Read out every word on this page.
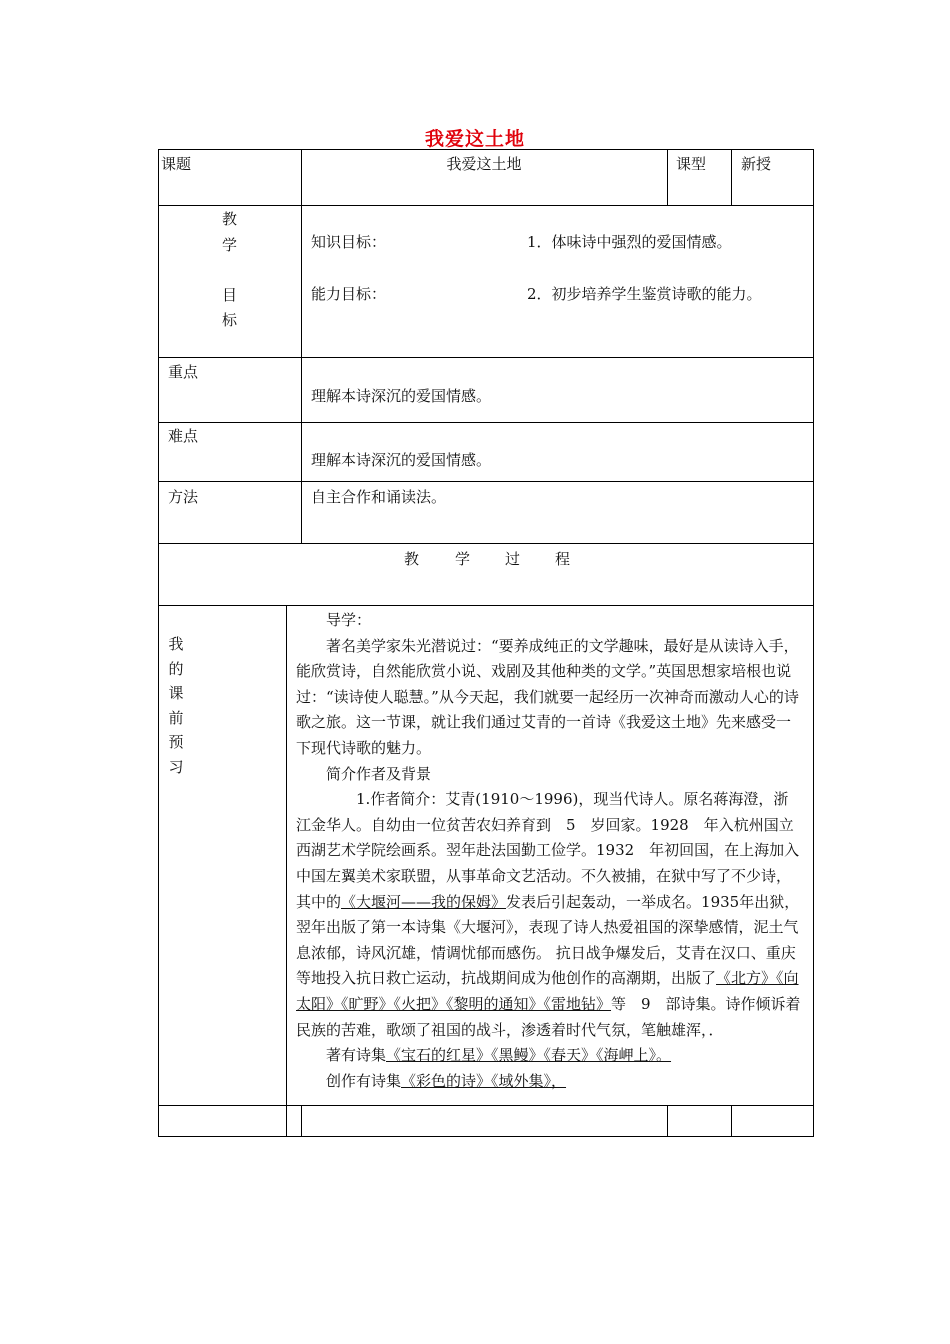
我爱这土地
课题	我爱这土地	课型 新授
教
学
目
标
知识目标：	1．体味诗中强烈的爱国情感。
能力目标：	2．初步培养学生鉴赏诗歌的能力。
重点
理解本诗深沉的爱国情感。
难点
理解本诗深沉的爱国情感。
方法	自主合作和诵读法。
教 学 过 程
我
的
课
前
预
习

导学：

著名美学家朱光潜说过：“要养成纯正的文学趣味，最好是从读诗入手，能欣赏诗，自然能欣赏小说、戏剧及其他种类的文学。”英国思想家培根也说过：“读诗使人聪慧。”从今天起，我们就要一起经历一次神奇而激动人心的诗歌之旅。这一节课，就让我们通过艾青的一首诗《我爱这土地》先来感受一下现代诗歌的魅力。

简介作者及背景

1.作者简介：艾青(1910～1996)，现当代诗人。原名蒋海澄，浙江金华人。自幼由一位贫苦农妇养育到　5　岁回家。1928　年入杭州国立西湖艺术学院绘画系。翌年赴法国勤工俭学。1932　年初回国，在上海加入中国左翼美术家联盟，从事革命文艺活动。不久被捕，在狱中写了不少诗，其中的《大堰河——我的保姆》发表后引起轰动，一举成名。1935年出狱，翌年出版了第一本诗集《大堰河》，表现了诗人热爱祖国的深挚感情，泥土气息浓郁，诗风沉雄，情调忧郁而感伤。 抗日战争爆发后，艾青在汉口、重庆等地投入抗日救亡运动，抗战期间成为他创作的高潮期，出版了《北方》《向太阳》《旷野》《火把》《黎明的通知》《雷地钻》等　9　部诗集。诗作倾诉着民族的苦难，歌颂了祖国的战斗，渗透着时代气氛，笔触雄浑，．

著有诗集《宝石的红星》《黑鳗》《春天》《海岬上》。

创作有诗集《彩色的诗》《域外集》，
